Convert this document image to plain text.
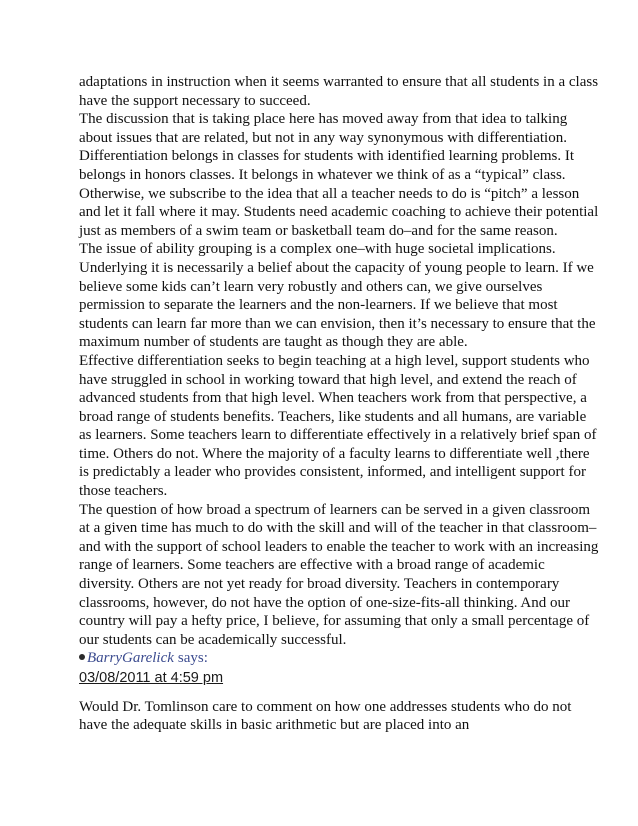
adaptations in instruction when it seems warranted to ensure that all students in a class have the support necessary to succeed.

The discussion that is taking place here has moved away from that idea to talking about issues that are related, but not in any way synonymous with differentiation.

Differentiation belongs in classes for students with identified learning problems. It belongs in honors classes. It belongs in whatever we think of as a “typical” class. Otherwise, we subscribe to the idea that all a teacher needs to do is “pitch” a lesson and let it fall where it may. Students need academic coaching to achieve their potential just as members of a swim team or basketball team do–and for the same reason.

The issue of ability grouping is a complex one–with huge societal implications. Underlying it is necessarily a belief about the capacity of young people to learn. If we believe some kids can’t learn very robustly and others can, we give ourselves permission to separate the learners and the non-learners. If we believe that most students can learn far more than we can envision, then it’s necessary to ensure that the maximum number of students are taught as though they are able.

Effective differentiation seeks to begin teaching at a high level, support students who have struggled in school in working toward that high level, and extend the reach of advanced students from that high level. When teachers work from that perspective, a broad range of students benefits. Teachers, like students and all humans, are variable as learners. Some teachers learn to differentiate effectively in a relatively brief span of time. Others do not. Where the majority of a faculty learns to differentiate well ,there is predictably a leader who provides consistent, informed, and intelligent support for those teachers.

The question of how broad a spectrum of learners can be served in a given classroom at a given time has much to do with the skill and will of the teacher in that classroom–and with the support of school leaders to enable the teacher to work with an increasing range of learners. Some teachers are effective with a broad range of academic diversity. Others are not yet ready for broad diversity. Teachers in contemporary classrooms, however, do not have the option of one-size-fits-all thinking. And our country will pay a hefty price, I believe, for assuming that only a small percentage of our students can be academically successful.

BarryGarelick says:

03/08/2011 at 4:59 pm

Would Dr. Tomlinson care to comment on how one addresses students who do not have the adequate skills in basic arithmetic but are placed into an
